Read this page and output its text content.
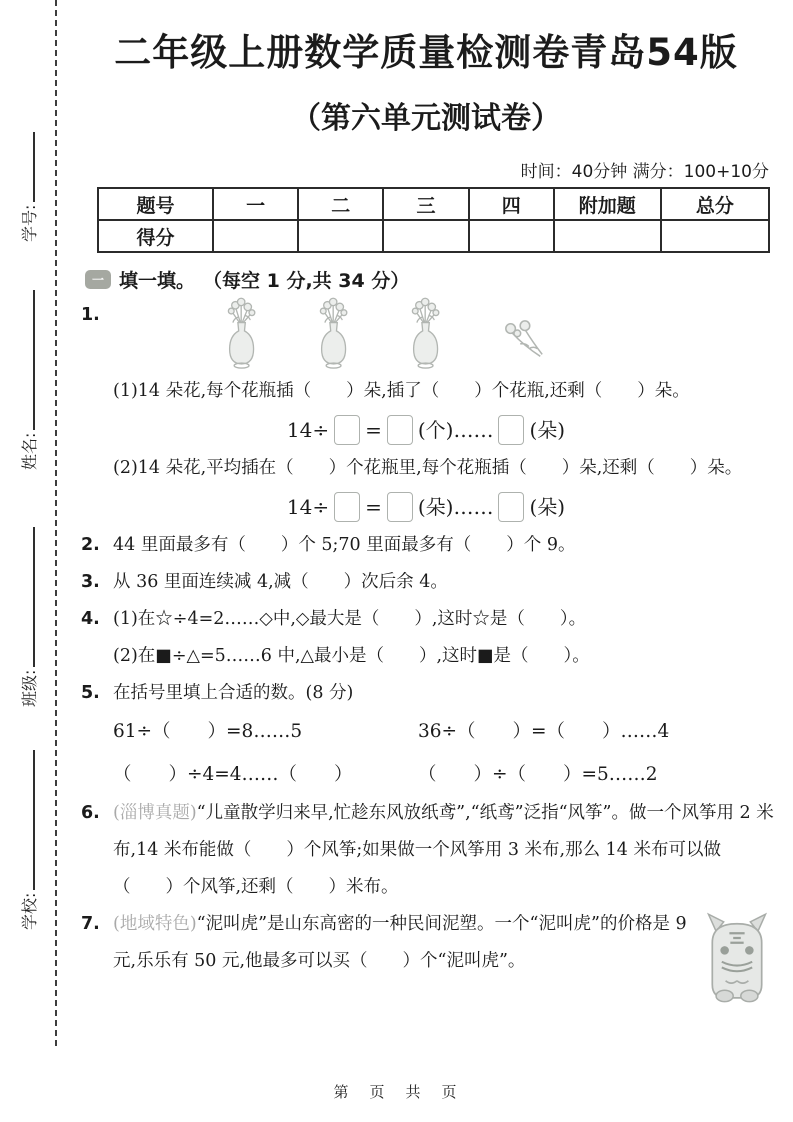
学号:
姓名:
班级:
学校:
二年级上册数学质量检测卷青岛54版
（第六单元测试卷）
时间：40分钟 满分：100+10分
题号	一	二	三	四	附加题	总分
得分						
一 填一填。 （每空 1 分,共 34 分）
1.
(1)14 朵花,每个花瓶插（　　）朵,插了（　　）个花瓶,还剩（　　）朵。
14÷ = (个)…… (朵)
(2)14 朵花,平均插在（　　）个花瓶里,每个花瓶插（　　）朵,还剩（　　）朵。
14÷ = (朵)…… (朵)
2. 44 里面最多有（　　）个 5;70 里面最多有（　　）个 9。
3. 从 36 里面连续减 4,减（　　）次后余 4。
4. (1)在☆÷4=2……◇中,◇最大是（　　）,这时☆是（　　）。
(2)在■÷△=5……6 中,△最小是（　　）,这时■是（　　）。
5. 在括号里填上合适的数。(8 分)
61÷（　　）=8……5	36÷（　　）=（　　）……4
（　　）÷4=4……（　　）	（　　）÷（　　）=5……2
6. (淄博真题)“儿童散学归来早,忙趁东风放纸鸢”,“纸鸢”泛指“风筝”。做一个风筝用 2 米布,14 米布能做（　　）个风筝;如果做一个风筝用 3 米布,那么 14 米布可以做（　　）个风筝,还剩（　　）米布。
7. (地域特色)“泥叫虎”是山东高密的一种民间泥塑。一个“泥叫虎”的价格是 9 元,乐乐有 50 元,他最多可以买（　　）个“泥叫虎”。
第　页　共　页
